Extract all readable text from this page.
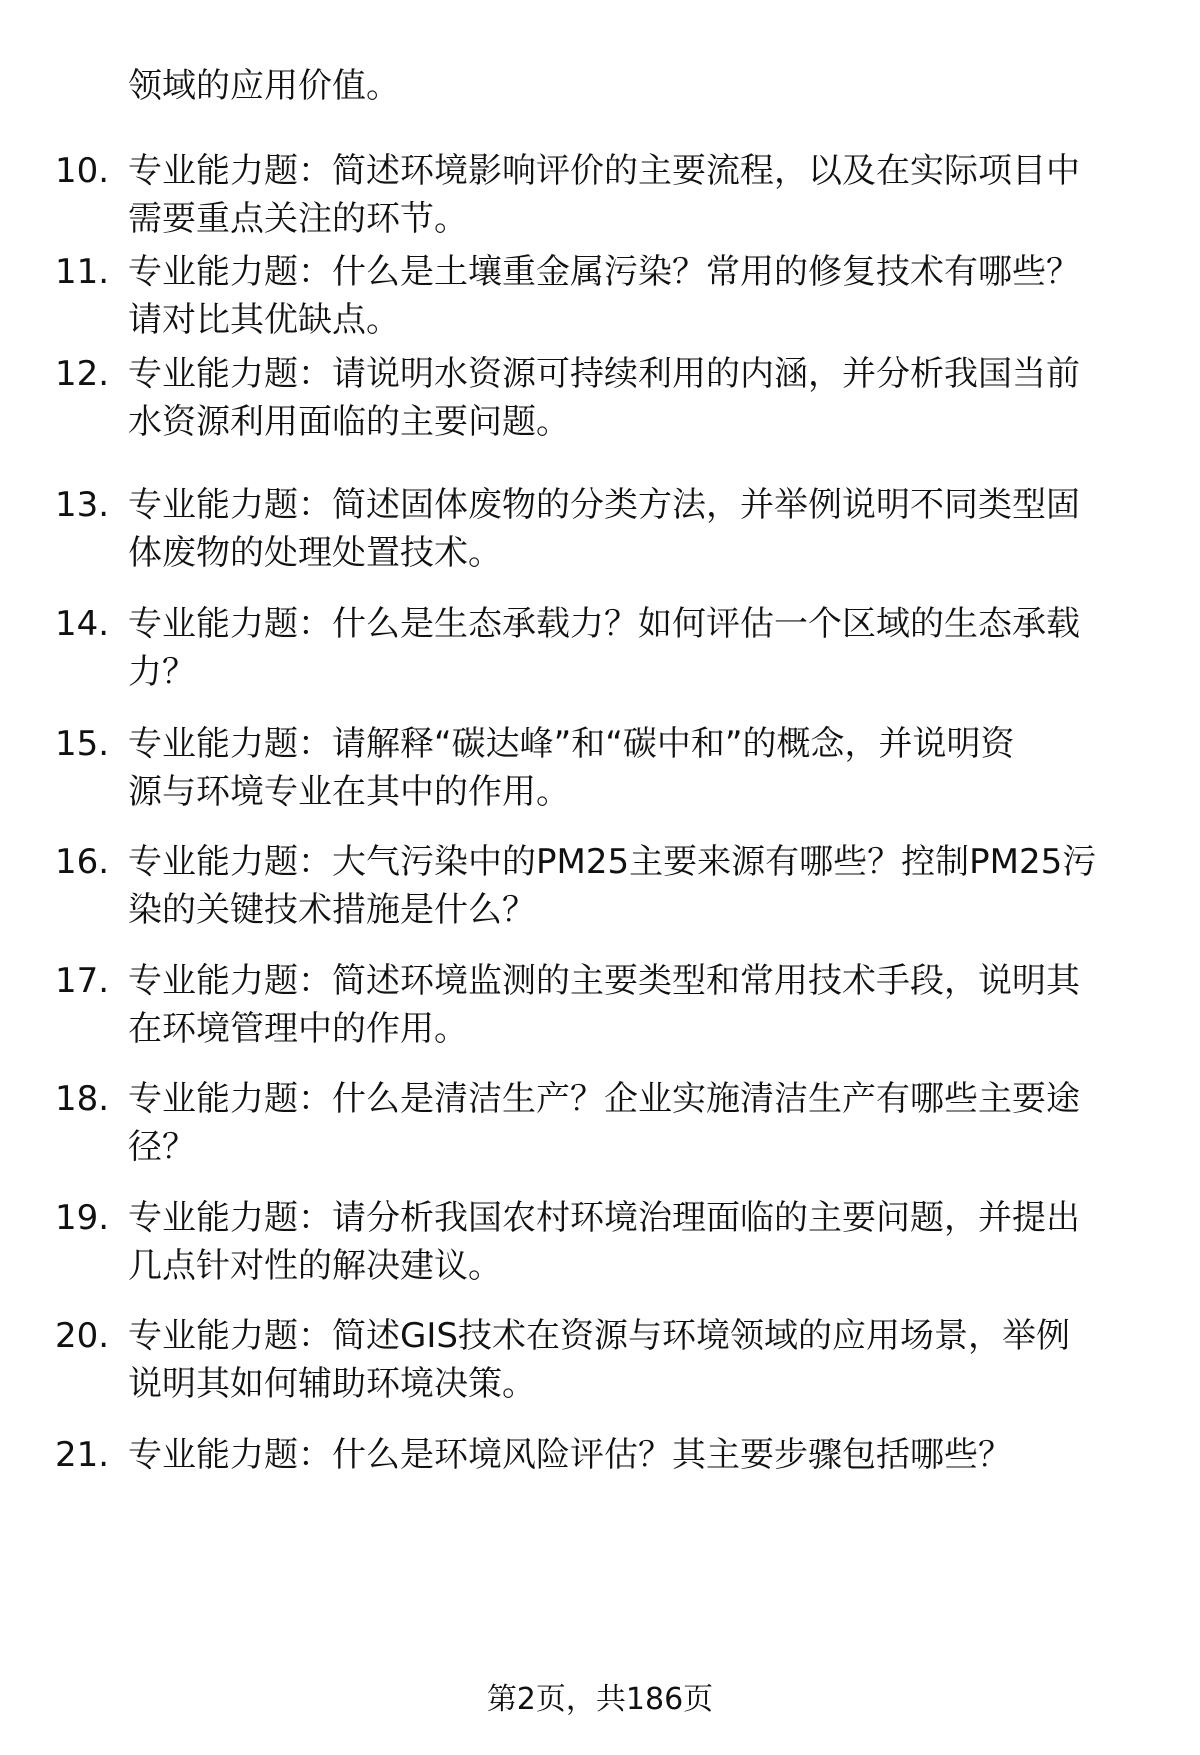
领域的应用价值。
10. 专业能力题：简述环境影响评价的主要流程，以及在实际项目中
需要重点关注的环节。
11. 专业能力题：什么是土壤重金属污染？常用的修复技术有哪些？
请对比其优缺点。
12. 专业能力题：请说明水资源可持续利用的内涵，并分析我国当前
水资源利用面临的主要问题。
13. 专业能力题：简述固体废物的分类方法，并举例说明不同类型固
体废物的处理处置技术。
14. 专业能力题：什么是生态承载力？如何评估一个区域的生态承载
力？
15. 专业能力题：请解释“碳达峰”和“碳中和”的概念，并说明资
源与环境专业在其中的作用。
16. 专业能力题：大气污染中的PM25主要来源有哪些？控制PM25污
染的关键技术措施是什么？
17. 专业能力题：简述环境监测的主要类型和常用技术手段，说明其
在环境管理中的作用。
18. 专业能力题：什么是清洁生产？企业实施清洁生产有哪些主要途
径？
19. 专业能力题：请分析我国农村环境治理面临的主要问题，并提出
几点针对性的解决建议。
20. 专业能力题：简述GIS技术在资源与环境领域的应用场景，举例
说明其如何辅助环境决策。
21. 专业能力题：什么是环境风险评估？其主要步骤包括哪些？
第2页，共186页
